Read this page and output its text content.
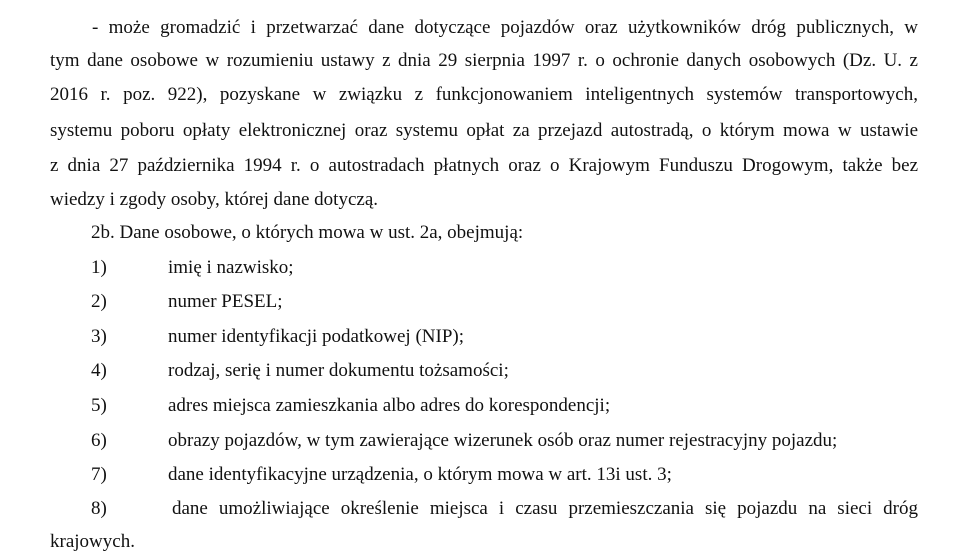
- może gromadzić i przetwarzać dane dotyczące pojazdów oraz użytkowników dróg publicznych, w
tym dane osobowe w rozumieniu ustawy z dnia 29 sierpnia 1997 r. o ochronie danych osobowych (Dz. U. z
2016 r. poz. 922), pozyskane w związku z funkcjonowaniem inteligentnych systemów transportowych,
systemu poboru opłaty elektronicznej oraz systemu opłat za przejazd autostradą, o którym mowa w ustawie
z dnia 27 października 1994 r. o autostradach płatnych oraz o Krajowym Funduszu Drogowym, także bez
wiedzy i zgody osoby, której dane dotyczą.
2b. Dane osobowe, o których mowa w ust. 2a, obejmują:
1)	imię i nazwisko;
2)	numer PESEL;
3)	numer identyfikacji podatkowej (NIP);
4)	rodzaj, serię i numer dokumentu tożsamości;
5)	adres miejsca zamieszkania albo adres do korespondencji;
6)	obrazy pojazdów, w tym zawierające wizerunek osób oraz numer rejestracyjny pojazdu;
7)	dane identyfikacyjne urządzenia, o którym mowa w art. 13i ust. 3;
8)	dane umożliwiające określenie miejsca i czasu przemieszczania się pojazdu na sieci dróg
krajowych.
